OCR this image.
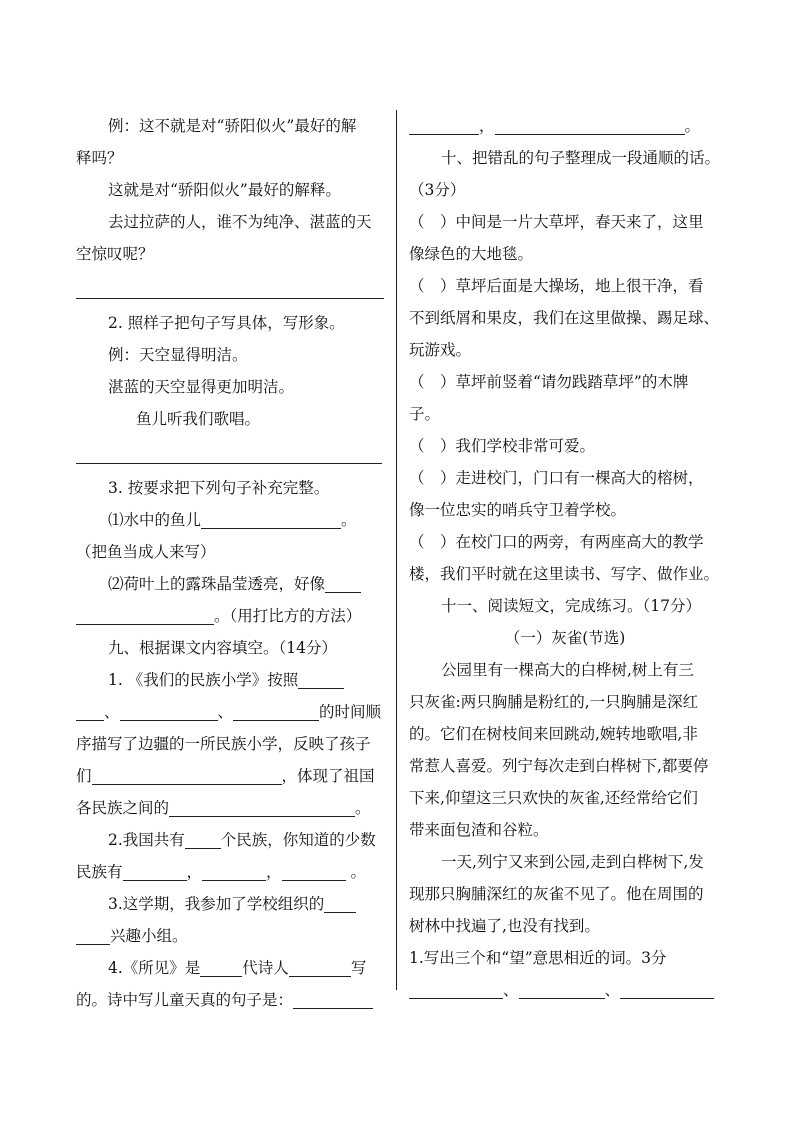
例：这不就是对“骄阳似火”最好的解
释吗？
这就是对“骄阳似火”最好的解释。
去过拉萨的人，谁不为纯净、湛蓝的天
空惊叹呢？
2. 照样子把句子写具体，写形象。
例：天空显得明洁。
湛蓝的天空显得更加明洁。
鱼儿听我们歌唱。
3. 按要求把下列句子补充完整。
⑴水中的鱼儿	。
（把鱼当成人来写）
⑵荷叶上的露珠晶莹透亮，好像
。（用打比方的方法）
九、根据课文内容填空。（14分）
1. 《我们的民族小学》按照
、	、	的时间顺
序描写了边疆的一所民族小学，反映了孩子
们	，体现了祖国
各民族之间的	。
2.我国共有 个民族，你知道的少数
民族有	，	，	。
3.这学期，我参加了学校组织的
兴趣小组。
4.《所见》是	代诗人	写
的。诗中写儿童天真的句子是：
，	。
十、把错乱的句子整理成一段通顺的话。
（3分）
（　）中间是一片大草坪，春天来了，这里
像绿色的大地毯。
（　）草坪后面是大操场，地上很干净，看
不到纸屑和果皮，我们在这里做操、踢足球、
玩游戏。
（　）草坪前竖着“请勿践踏草坪”的木牌
子。
（　）我们学校非常可爱。
（　）走进校门，门口有一棵高大的榕树，
像一位忠实的哨兵守卫着学校。
（　）在校门口的两旁，有两座高大的教学
楼，我们平时就在这里读书、写字、做作业。
十一、阅读短文，完成练习。（17分）
（一）灰雀(节选)
公园里有一棵高大的白桦树,树上有三
只灰雀:两只胸脯是粉红的,一只胸脯是深红
的。它们在树枝间来回跳动,婉转地歌唱,非
常惹人喜爱。列宁每次走到白桦树下,都要停
下来,仰望这三只欢快的灰雀,还经常给它们
带来面包渣和谷粒。
一天,列宁又来到公园,走到白桦树下,发
现那只胸脯深红的灰雀不见了。他在周围的
树林中找遍了,也没有找到。
1.写出三个和“望”意思相近的词。3分
、	、
